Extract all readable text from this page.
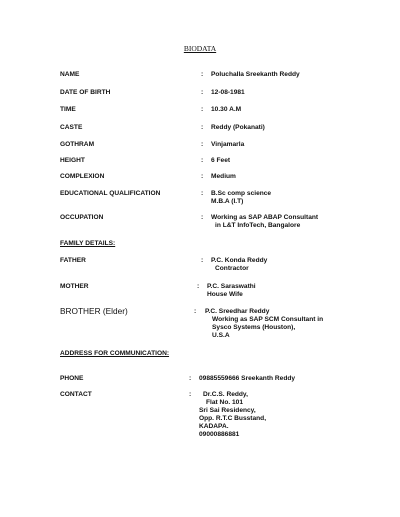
BIODATA
NAME	: Poluchalla Sreekanth Reddy
DATE OF BIRTH	: 12-08-1981
TIME	: 10.30 A.M
CASTE	: Reddy (Pokanati)
GOTHRAM	: Vinjamarla
HEIGHT	: 6 Feet
COMPLEXION	: Medium
EDUCATIONAL QUALIFICATION	: B.Sc comp science
M.B.A (I.T)
OCCUPATION	: Working as SAP ABAP Consultant
in L&T InfoTech, Bangalore
FAMILY DETAILS:
FATHER	: P.C. Konda Reddy
Contractor
MOTHER	: P.C. Saraswathi
House Wife
BROTHER (Elder)	: P.C. Sreedhar Reddy
Working as SAP SCM Consultant in
Sysco Systems (Houston),
U.S.A
ADDRESS FOR COMMUNICATION:
PHONE	: 09885559666 Sreekanth Reddy
CONTACT	:	Dr.C.S. Reddy,
Flat No. 101
Sri Sai Residency,
Opp. R.T.C Busstand,
KADAPA.
09000886881
